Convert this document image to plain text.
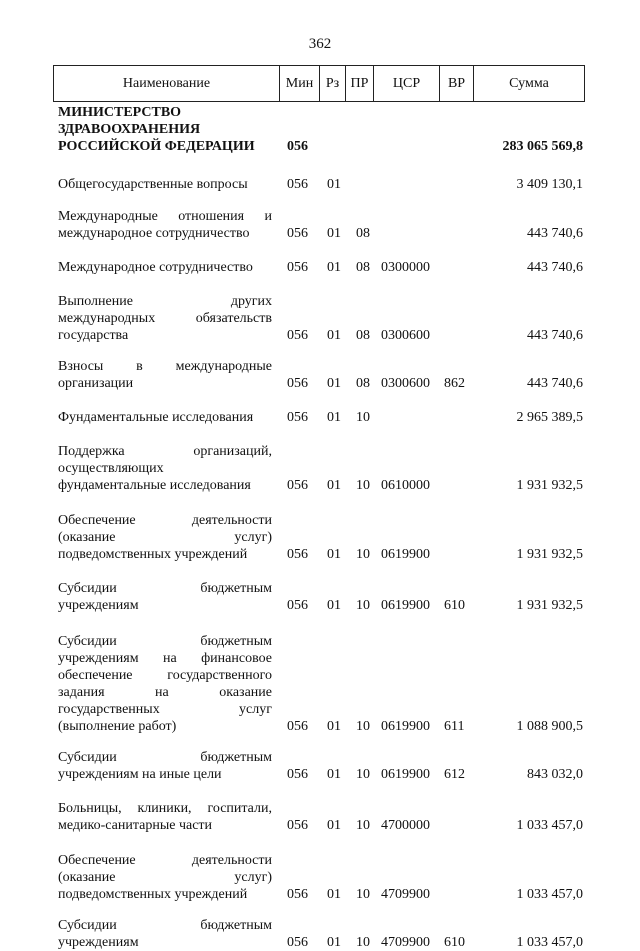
362
Наименование	Мин Рз ПР	ЦСР	ВР	Сумма
МИНИСТЕРСТВО ЗДРАВООХРАНЕНИЯ РОССИЙСКОЙ ФЕДЕРАЦИИ	056	283 065 569,8
Общегосударственные вопросы	056 01	3 409 130,1
Международные отношения и международное сотрудничество	056 01 08	443 740,6
Международное сотрудничество	056 01 08 0300000	443 740,6
Выполнение других международных обязательств государства	056 01 08 0300600	443 740,6
Взносы в международные организации	056 01 08 0300600 862	443 740,6
Фундаментальные исследования	056 01 10	2 965 389,5
Поддержка организаций, осуществляющих фундаментальные исследования	056 01 10 0610000	1 931 932,5
Обеспечение деятельности (оказание услуг) подведомственных учреждений	056 01 10 0619900	1 931 932,5
Субсидии бюджетным учреждениям	056 01 10 0619900 610	1 931 932,5
Субсидии бюджетным учреждениям на финансовое обеспечение государственного задания на оказание государственных услуг (выполнение работ)	056 01 10 0619900 611	1 088 900,5
Субсидии бюджетным учреждениям на иные цели	056 01 10 0619900 612	843 032,0
Больницы, клиники, госпитали, медико-санитарные части	056 01 10 4700000	1 033 457,0
Обеспечение деятельности (оказание услуг) подведомственных учреждений	056 01 10 4709900	1 033 457,0
Субсидии бюджетным учреждениям	056 01 10 4709900 610	1 033 457,0
